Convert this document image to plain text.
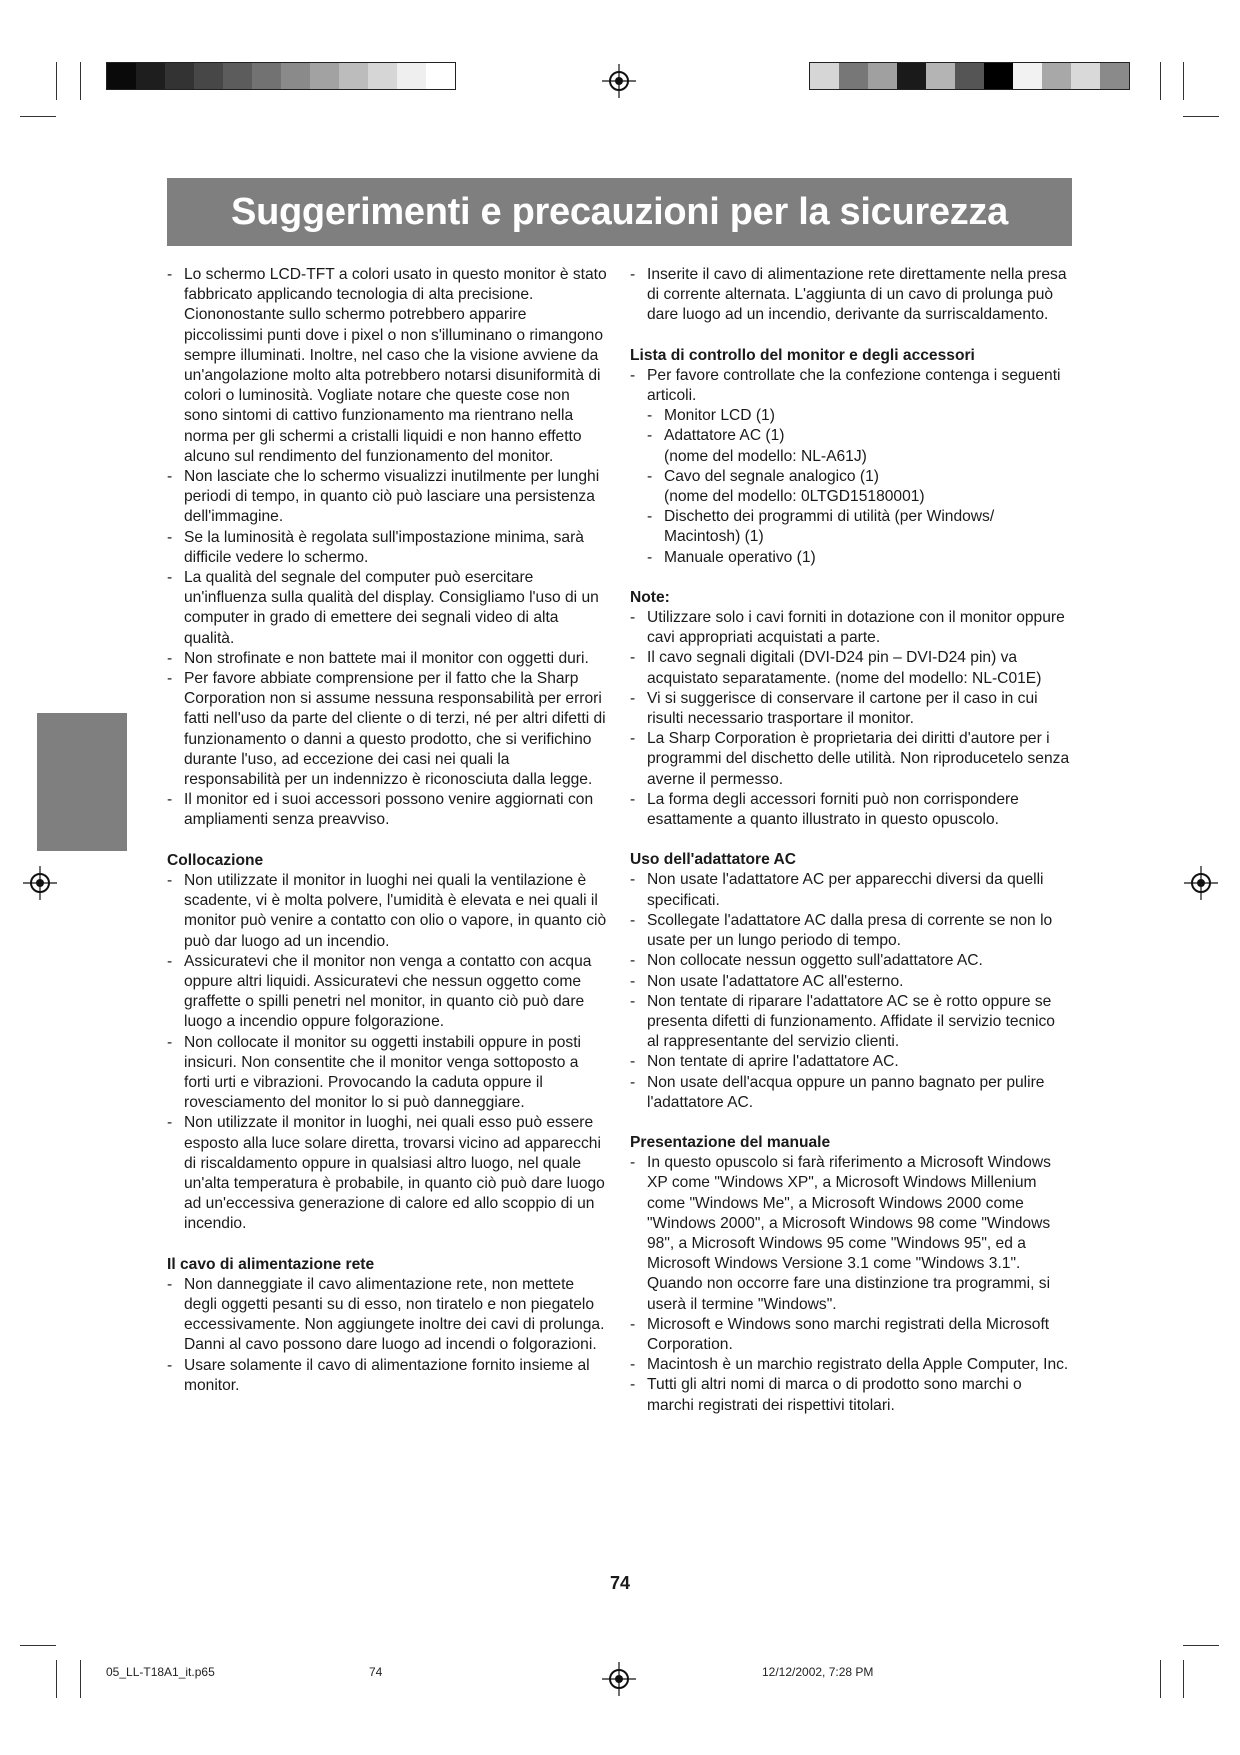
Suggerimenti e precauzioni per la sicurezza
- Lo schermo LCD-TFT a colori usato in questo monitor è stato fabbricato applicando tecnologia di alta precisione. Ciononostante sullo schermo potrebbero apparire piccolissimi punti dove i pixel o non s'illuminano o rimangono sempre illuminati. Inoltre, nel caso che la visione avviene da un'angolazione molto alta potrebbero notarsi disuniformità di colori o luminosità. Vogliate notare che queste cose non sono sintomi di cattivo funzionamento ma rientrano nella norma per gli schermi a cristalli liquidi e non hanno effetto alcuno sul rendimento del funzionamento del monitor.
- Non lasciate che lo schermo visualizzi inutilmente per lunghi periodi di tempo, in quanto ciò può lasciare una persistenza dell'immagine.
- Se la luminosità è regolata sull'impostazione minima, sarà difficile vedere lo schermo.
- La qualità del segnale del computer può esercitare un'influenza sulla qualità del display. Consigliamo l'uso di un computer in grado di emettere dei segnali video di alta qualità.
- Non strofinate e non battete mai il monitor con oggetti duri.
- Per favore abbiate comprensione per il fatto che la Sharp Corporation non si assume nessuna responsabilità per errori fatti nell'uso da parte del cliente o di terzi, né per altri difetti di funzionamento o danni a questo prodotto, che si verifichino durante l'uso, ad eccezione dei casi nei quali la responsabilità per un indennizzo è riconosciuta dalla legge.
- Il monitor ed i suoi accessori possono venire aggiornati con ampliamenti senza preavviso.

Collocazione

- Non utilizzate il monitor in luoghi nei quali la ventilazione è scadente, vi è molta polvere, l'umidità è elevata e nei quali il monitor può venire a contatto con olio o vapore, in quanto ciò può dar luogo ad un incendio.
- Assicuratevi che il monitor non venga a contatto con acqua oppure altri liquidi. Assicuratevi che nessun oggetto come graffette o spilli penetri nel monitor, in quanto ciò può dare luogo a incendio oppure folgorazione.
- Non collocate il monitor su oggetti instabili oppure in posti insicuri. Non consentite che il monitor venga sottoposto a forti urti e vibrazioni. Provocando la caduta oppure il rovesciamento del monitor lo si può danneggiare.
- Non utilizzate il monitor in luoghi, nei quali esso può essere esposto alla luce solare diretta, trovarsi vicino ad apparecchi di riscaldamento oppure in qualsiasi altro luogo, nel quale un'alta temperatura è probabile, in quanto ciò può dare luogo ad un'eccessiva generazione di calore ed allo scoppio di un incendio.

Il cavo di alimentazione rete

- Non danneggiate il cavo alimentazione rete, non mettete degli oggetti pesanti su di esso, non tiratelo e non piegatelo eccessivamente. Non aggiungete inoltre dei cavi di prolunga. Danni al cavo possono dare luogo ad incendi o folgorazioni.
- Usare solamente il cavo di alimentazione fornito insieme al monitor.
- Inserite il cavo di alimentazione rete direttamente nella presa di corrente alternata. L'aggiunta di un cavo di prolunga può dare luogo ad un incendio, derivante da surriscaldamento.

Lista di controllo del monitor e degli accessori

- Per favore controllate che la confezione contenga i seguenti articoli.
- Monitor LCD (1)
- Adattatore AC (1)
(nome del modello: NL-A61J)
- Cavo del segnale analogico (1)
(nome del modello: 0LTGD15180001)
- Dischetto dei programmi di utilità (per Windows/ Macintosh) (1)
- Manuale operativo (1)

Note:

- Utilizzare solo i cavi forniti in dotazione con il monitor oppure cavi appropriati acquistati a parte.
- Il cavo segnali digitali (DVI-D24 pin – DVI-D24 pin) va acquistato separatamente. (nome del modello: NL-C01E)
- Vi si suggerisce di conservare il cartone per il caso in cui risulti necessario trasportare il monitor.
- La Sharp Corporation è proprietaria dei diritti d'autore per i programmi del dischetto delle utilità. Non riproducetelo senza averne il permesso.
- La forma degli accessori forniti può non corrispondere esattamente a quanto illustrato in questo opuscolo.

Uso dell'adattatore AC

- Non usate l'adattatore AC per apparecchi diversi da quelli specificati.
- Scollegate l'adattatore AC dalla presa di corrente se non lo usate per un lungo periodo di tempo.
- Non collocate nessun oggetto sull'adattatore AC.
- Non usate l'adattatore AC all'esterno.
- Non tentate di riparare l'adattatore AC se è rotto oppure se presenta difetti di funzionamento. Affidate il servizio tecnico al rappresentante del servizio clienti.
- Non tentate di aprire l'adattatore AC.
- Non usate dell'acqua oppure un panno bagnato per pulire l'adattatore AC.

Presentazione del manuale

- In questo opuscolo si farà riferimento a Microsoft Windows XP come "Windows XP", a Microsoft Windows Millenium come "Windows Me", a Microsoft Windows 2000 come "Windows 2000", a Microsoft Windows 98 come "Windows 98", a Microsoft Windows 95 come "Windows 95", ed a Microsoft Windows Versione 3.1 come "Windows 3.1". Quando non occorre fare una distinzione tra programmi, si userà il termine "Windows".
- Microsoft e Windows sono marchi registrati della Microsoft Corporation.
- Macintosh è un marchio registrato della Apple Computer, Inc.
- Tutti gli altri nomi di marca o di prodotto sono marchi o marchi registrati dei rispettivi titolari.
74
05_LL-T18A1_it.p65	74	12/12/2002, 7:28 PM
